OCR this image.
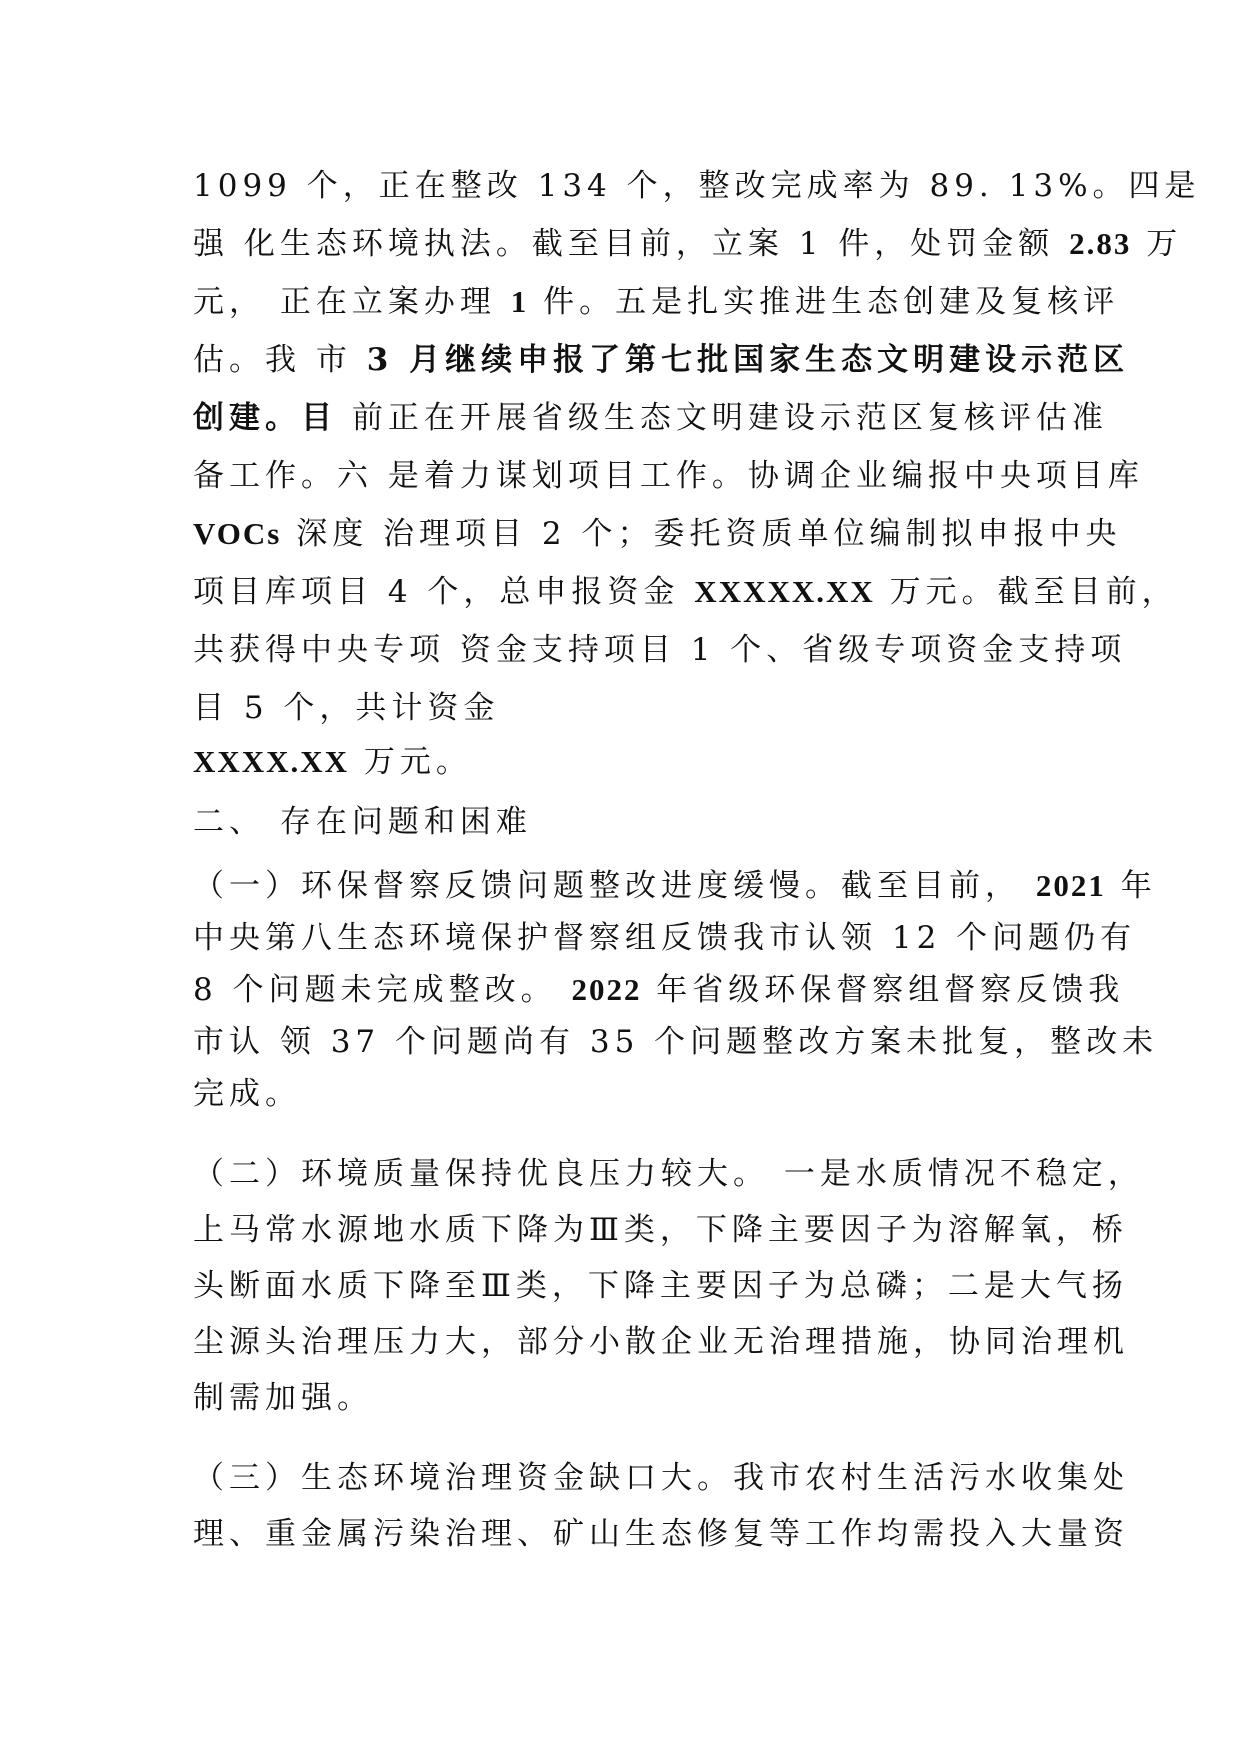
1099 个，正在整改 134 个，整改完成率为 89. 13%。四是
强 化生态环境执法。截至目前，立案 1 件，处罚金额 2.83 万
元， 正在立案办理 1 件。五是扎实推进生态创建及复核评
估。我 市 3 月继续申报了第七批国家生态文明建设示范区
创建。目 前正在开展省级生态文明建设示范区复核评估准
备工作。六 是着力谋划项目工作。协调企业编报中央项目库
VOCs 深度 治理项目 2 个；委托资质单位编制拟申报中央
项目库项目 4 个，总申报资金 XXXXX.XX 万元。截至目前，
共获得中央专项 资金支持项目 1 个、省级专项资金支持项
目 5 个，共计资金
XXXX.XX 万元。
二、 存在问题和困难
（一）环保督察反馈问题整改进度缓慢。截至目前， 2021 年
中央第八生态环境保护督察组反馈我市认领 12 个问题仍有
8 个问题未完成整改。 2022 年省级环保督察组督察反馈我
市认 领 37 个问题尚有 35 个问题整改方案未批复，整改未
完成。
（二）环境质量保持优良压力较大。 一是水质情况不稳定，
上马常水源地水质下降为Ⅲ类，下降主要因子为溶解氧，桥
头断面水质下降至Ⅲ类，下降主要因子为总磷；二是大气扬
尘源头治理压力大，部分小散企业无治理措施，协同治理机
制需加强。
（三）生态环境治理资金缺口大。我市农村生活污水收集处
理、重金属污染治理、矿山生态修复等工作均需投入大量资
